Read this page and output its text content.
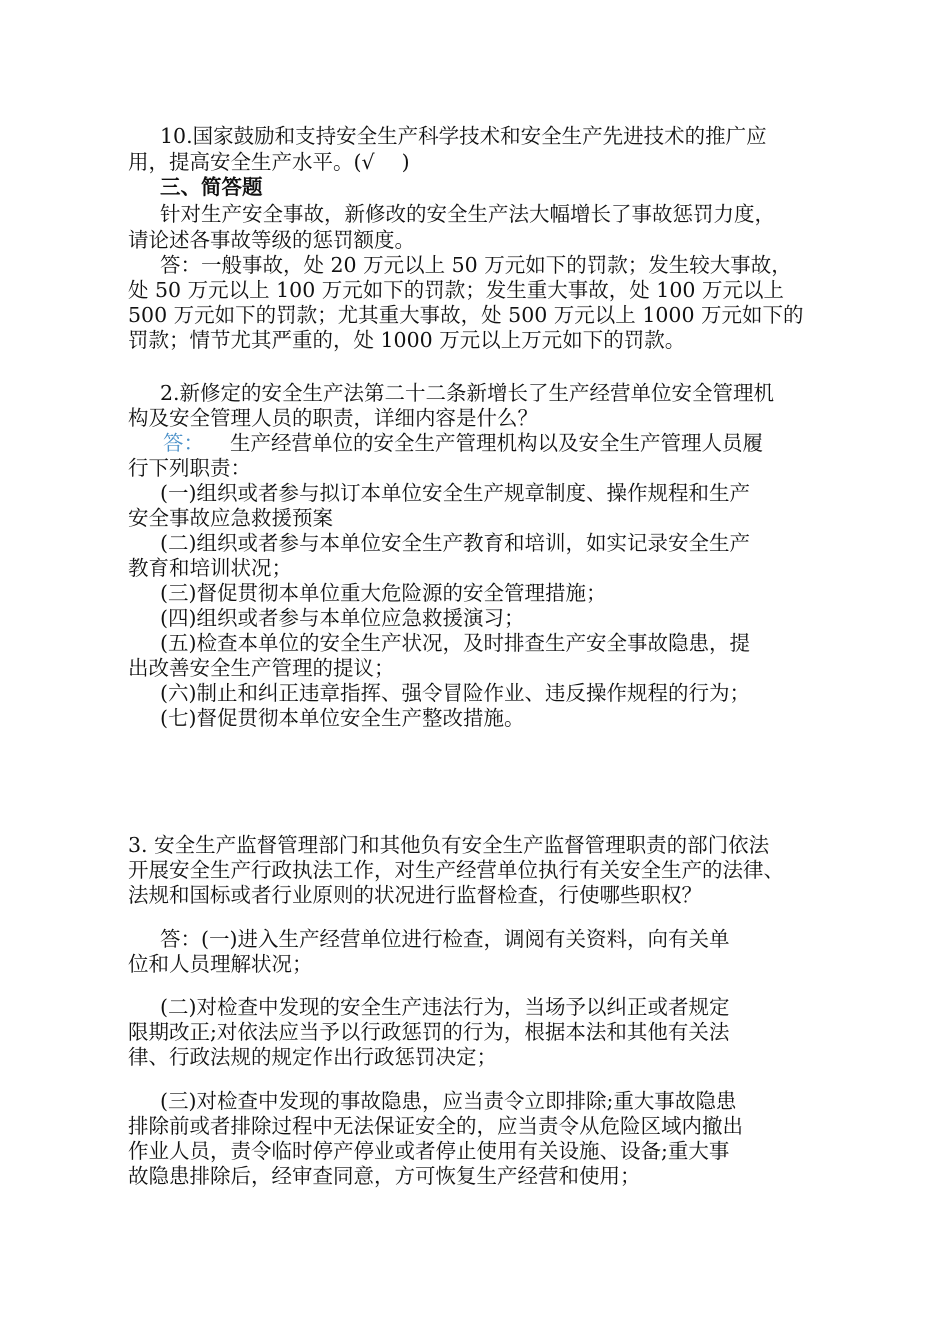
10.国家鼓励和支持安全生产科学技术和安全生产先进技术的推广应
用，提高安全生产水平。(√　 )
三、简答题
针对生产安全事故，新修改的安全生产法大幅增长了事故惩罚力度，
请论述各事故等级的惩罚额度。
答：一般事故，处 20 万元以上 50 万元如下的罚款；发生较大事故，
处 50 万元以上 100 万元如下的罚款；发生重大事故，处 100 万元以上
500 万元如下的罚款；尤其重大事故，处 500 万元以上 1000 万元如下的
罚款；情节尤其严重的，处 1000 万元以上万元如下的罚款。
2.新修定的安全生产法第二十二条新增长了生产经营单位安全管理机
构及安全管理人员的职责，详细内容是什么？
答： 生产经营单位的安全生产管理机构以及安全生产管理人员履
行下列职责：
(一)组织或者参与拟订本单位安全生产规章制度、操作规程和生产
安全事故应急救援预案
(二)组织或者参与本单位安全生产教育和培训，如实记录安全生产
教育和培训状况；
(三)督促贯彻本单位重大危险源的安全管理措施；
(四)组织或者参与本单位应急救援演习；
(五)检查本单位的安全生产状况，及时排查生产安全事故隐患，提
出改善安全生产管理的提议；
(六)制止和纠正违章指挥、强令冒险作业、违反操作规程的行为；
(七)督促贯彻本单位安全生产整改措施。
3. 安全生产监督管理部门和其他负有安全生产监督管理职责的部门依法
开展安全生产行政执法工作，对生产经营单位执行有关安全生产的法律、
法规和国标或者行业原则的状况进行监督检查，行使哪些职权？
答：(一)进入生产经营单位进行检查，调阅有关资料，向有关单
位和人员理解状况；
(二)对检查中发现的安全生产违法行为，当场予以纠正或者规定
限期改正;对依法应当予以行政惩罚的行为，根据本法和其他有关法
律、行政法规的规定作出行政惩罚决定；
(三)对检查中发现的事故隐患，应当责令立即排除;重大事故隐患
排除前或者排除过程中无法保证安全的，应当责令从危险区域内撤出
作业人员，责令临时停产停业或者停止使用有关设施、设备;重大事
故隐患排除后，经审查同意，方可恢复生产经营和使用；
